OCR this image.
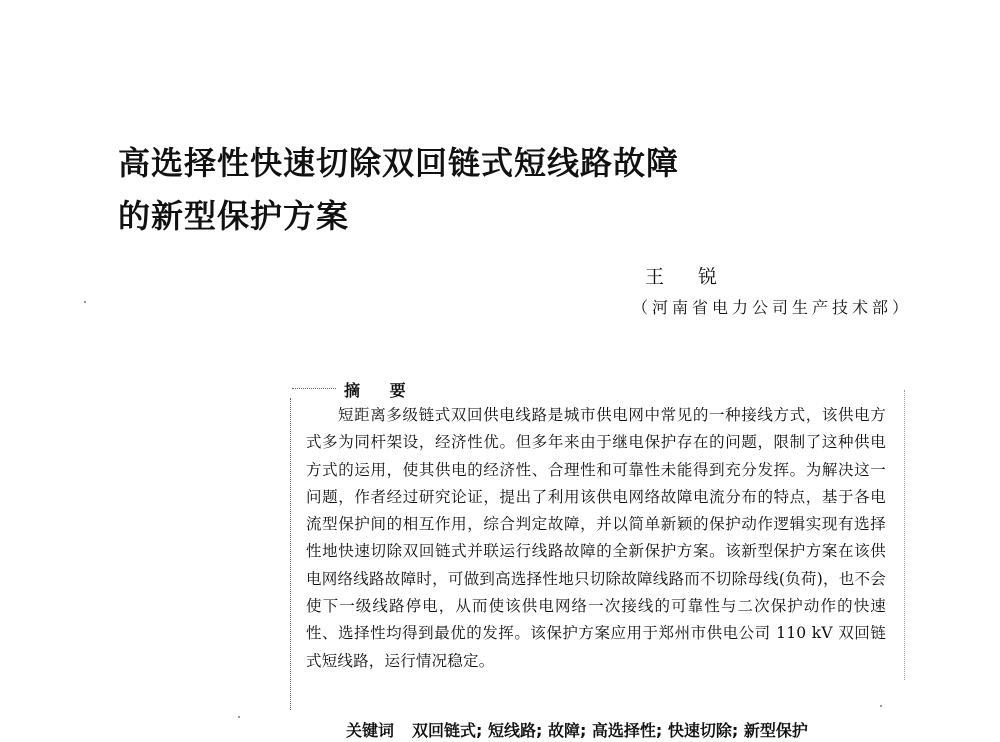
高选择性快速切除双回链式短线路故障
的新型保护方案
王 锐
（河南省电力公司生产技术部）
摘 要
短距离多级链式双回供电线路是城市供电网中常见的一种接线方式，该供电方式多为同杆架设，经济性优。但多年来由于继电保护存在的问题，限制了这种供电方式的运用，使其供电的经济性、合理性和可靠性未能得到充分发挥。为解决这一问题，作者经过研究论证，提出了利用该供电网络故障电流分布的特点，基于各电流型保护间的相互作用，综合判定故障，并以简单新颖的保护动作逻辑实现有选择性地快速切除双回链式并联运行线路故障的全新保护方案。该新型保护方案在该供电网络线路故障时，可做到高选择性地只切除故障线路而不切除母线(负荷)，也不会使下一级线路停电，从而使该供电网络一次接线的可靠性与二次保护动作的快速性、选择性均得到最优的发挥。该保护方案应用于郑州市供电公司 110 kV 双回链式短线路，运行情况稳定。
关键词 双回链式; 短线路; 故障; 高选择性; 快速切除; 新型保护
